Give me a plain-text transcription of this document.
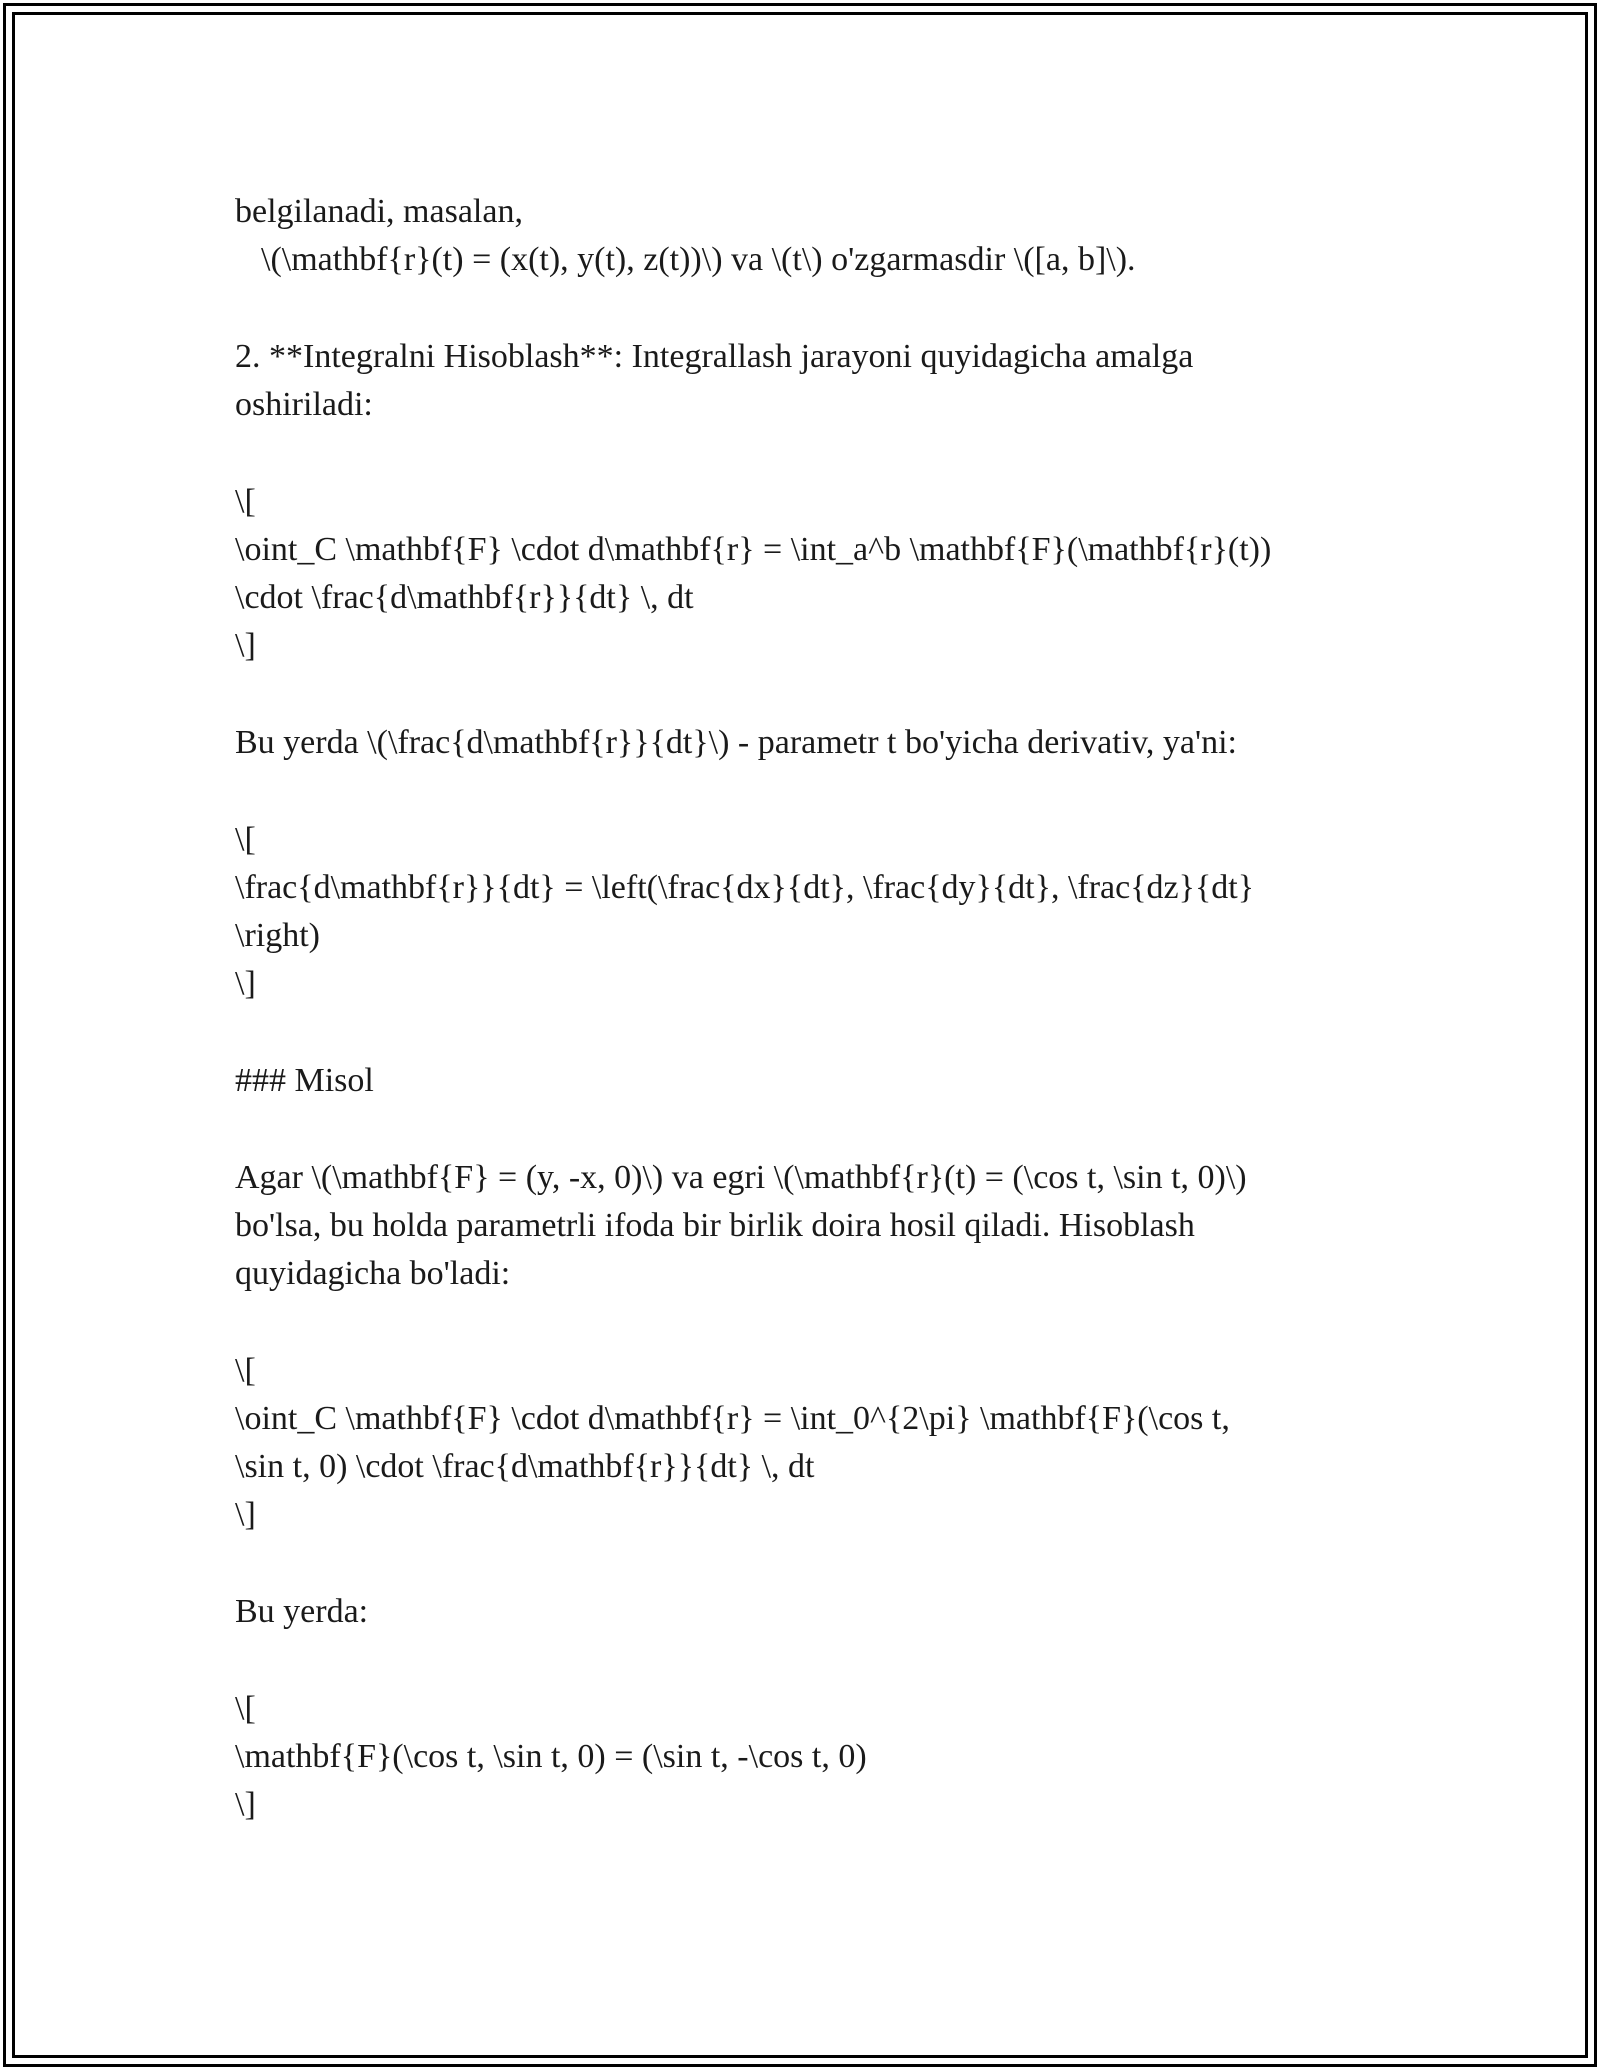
belgilanadi, masalan,
\(\mathbf{r}(t) = (x(t), y(t), z(t))\) va \(t\) o'zgarmasdir \([a, b]\).
2. **Integralni Hisoblash**: Integrallash jarayoni quyidagicha amalga
oshiriladi:
\[
\oint_C \mathbf{F} \cdot d\mathbf{r} = \int_a^b \mathbf{F}(\mathbf{r}(t))
\cdot \frac{d\mathbf{r}}{dt} \, dt
\]
Bu yerda \(\frac{d\mathbf{r}}{dt}\) - parametr t bo'yicha derivativ, ya'ni:
\[
\frac{d\mathbf{r}}{dt} = \left(\frac{dx}{dt}, \frac{dy}{dt}, \frac{dz}{dt}
\right)
\]
### Misol
Agar \(\mathbf{F} = (y, -x, 0)\) va egri \(\mathbf{r}(t) = (\cos t, \sin t, 0)\)
bo'lsa, bu holda parametrli ifoda bir birlik doira hosil qiladi. Hisoblash
quyidagicha bo'ladi:
\[
\oint_C \mathbf{F} \cdot d\mathbf{r} = \int_0^{2\pi} \mathbf{F}(\cos t,
\sin t, 0) \cdot \frac{d\mathbf{r}}{dt} \, dt
\]
Bu yerda:
\[
\mathbf{F}(\cos t, \sin t, 0) = (\sin t, -\cos t, 0)
\]
